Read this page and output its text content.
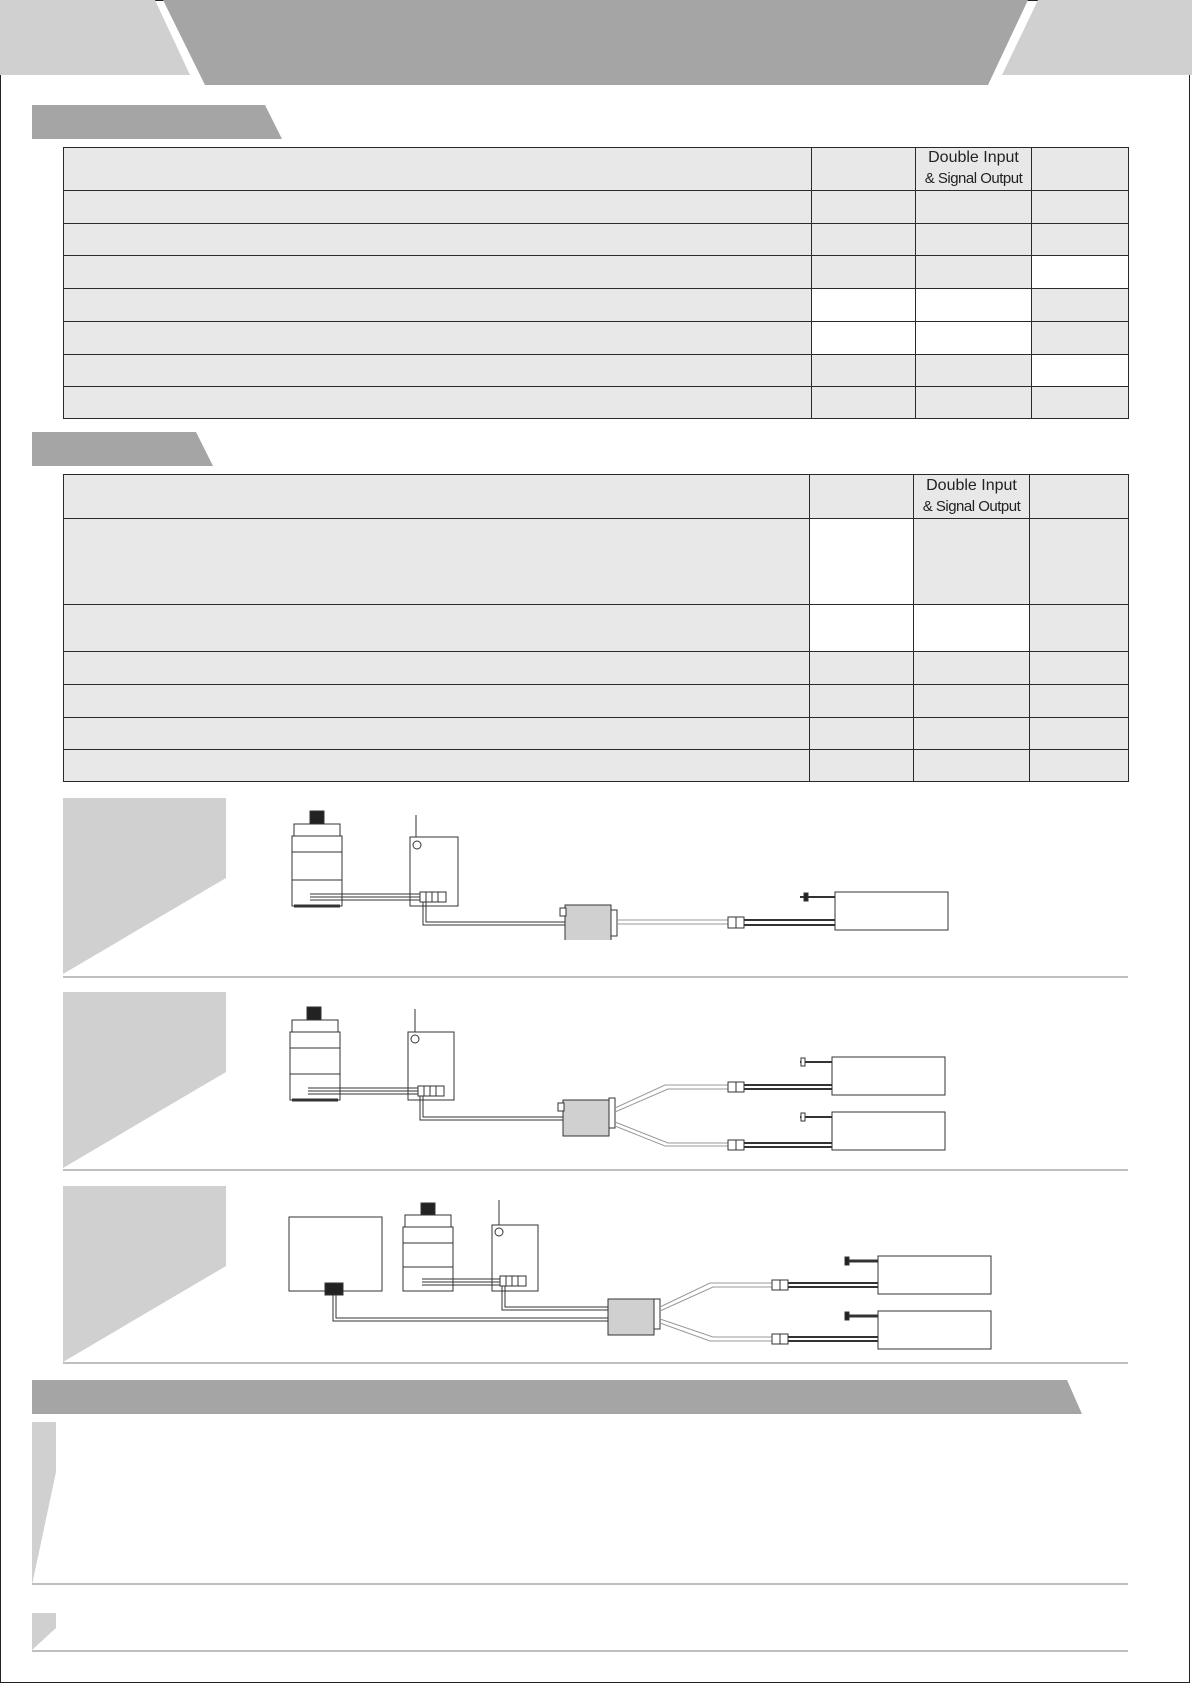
		Double Input
& Signal Output	

		Double Input
& Signal Output	
